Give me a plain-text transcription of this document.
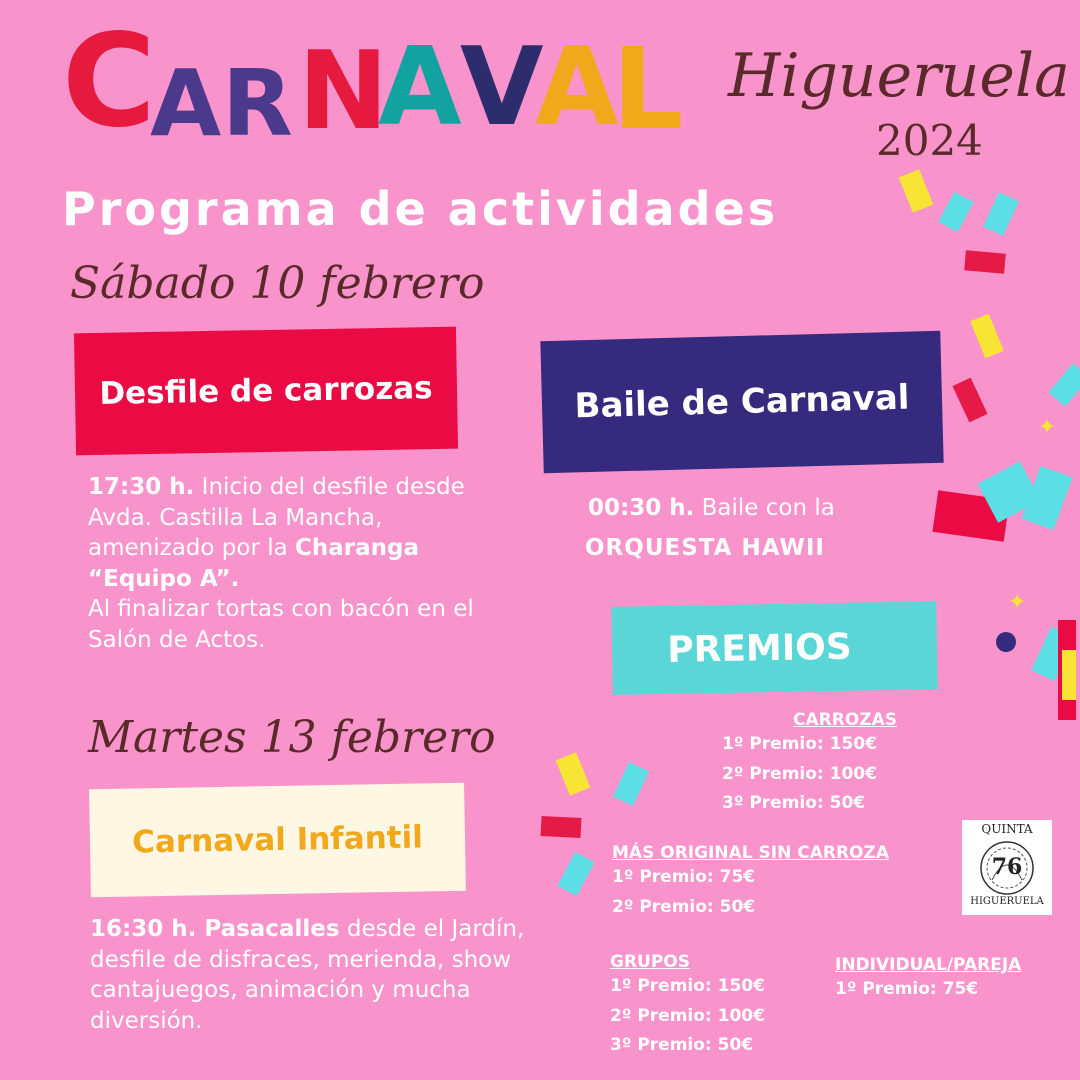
✦
✦
C
A R N
A V
A
L Higueruela
2024
Programa de actividades
Sábado 10 febrero
Desfile de carrozas
17:30 h. Inicio del desfile desde Avda. Castilla La Mancha, amenizado por la Charanga “Equipo A”.
Al finalizar tortas con bacón en el Salón de Actos.
Baile de Carnaval
00:30 h. Baile con la
ORQUESTA HAWII
Martes 13 febrero
Carnaval Infantil
16:30 h. Pasacalles desde el Jardín, desfile de disfraces, merienda, show cantajuegos, animación y mucha diversión.
PREMIOS
CARROZAS
1º Premio: 150€
2º Premio: 100€
3º Premio: 50€
MÁS ORIGINAL SIN CARROZA
1º Premio: 75€
2º Premio: 50€
GRUPOS
1º Premio: 150€
2º Premio: 100€
3º Premio: 50€
INDIVIDUAL/PAREJA
1º Premio: 75€
QUINTA
76
HIGUERUELA
